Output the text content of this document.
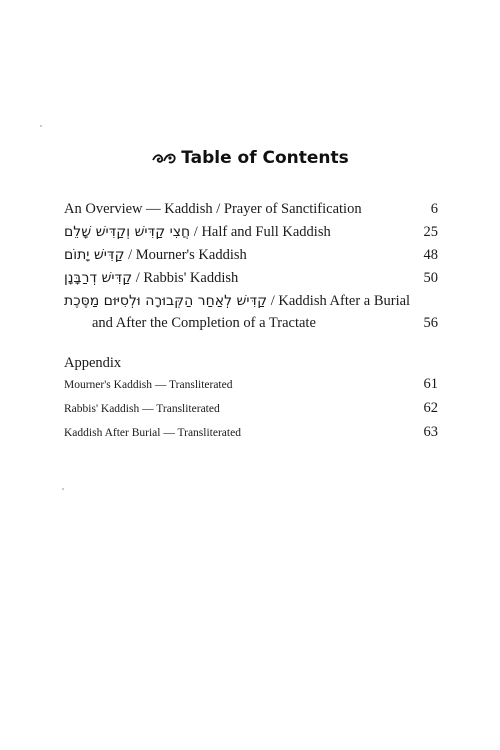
Table of Contents
An Overview — Kaddish / Prayer of Sanctification	6
חֲצִי קַדִּישׁ וְקַדִּישׁ שָׁלֵם / Half and Full Kaddish	25
קַדִּישׁ יָתוֹם / Mourner's Kaddish	48
קַדִּישׁ דְרַבָּנָן / Rabbis' Kaddish	50
קַדִּישׁ לְאַחַר הַקְּבוּרָה וּלְסִיּוּם מַסֶּכֶת / Kaddish After a Burial
and After the Completion of a Tractate	56
Appendix
Mourner's Kaddish — Transliterated	61
Rabbis' Kaddish — Transliterated	62
Kaddish After Burial — Transliterated	63
